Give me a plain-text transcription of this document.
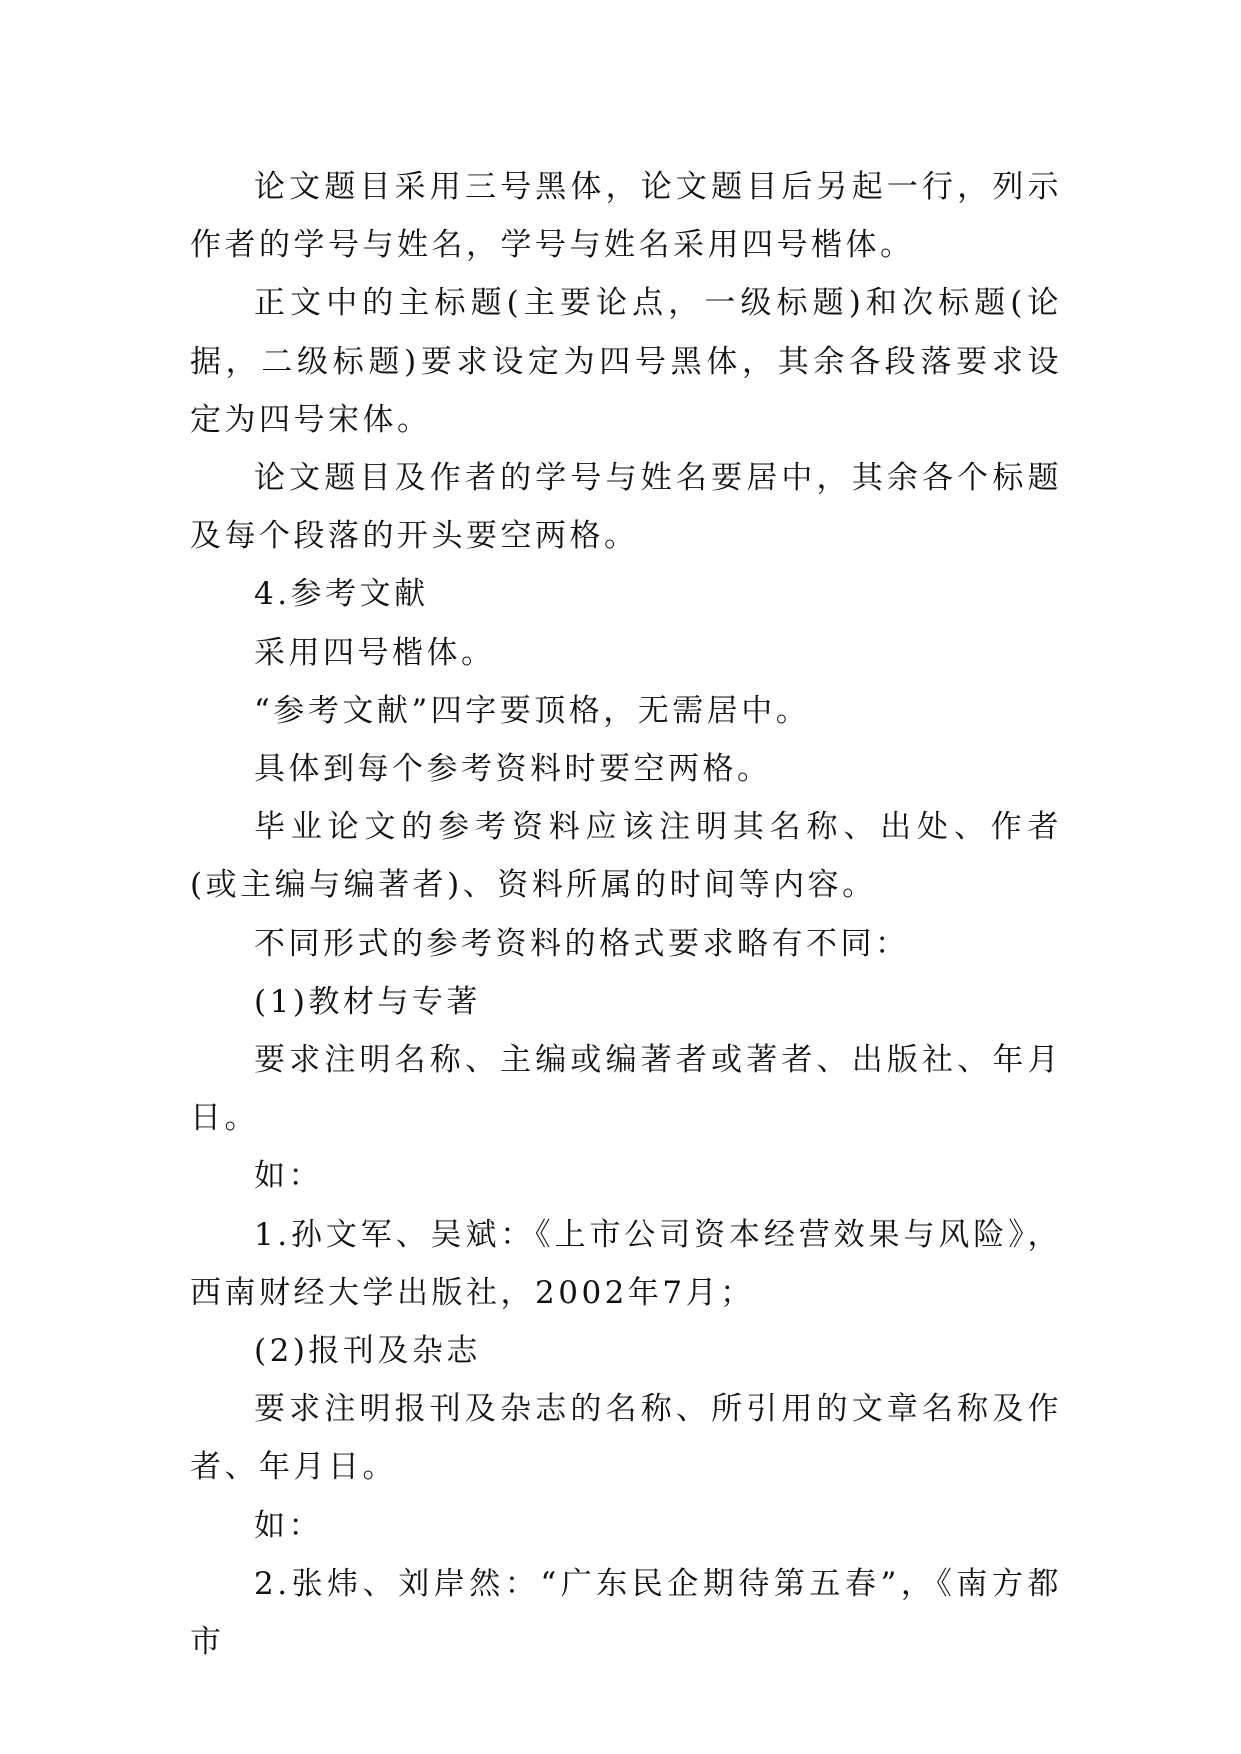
论文题目采用三号黑体，论文题目后另起一行，列示作者的学号与姓名，学号与姓名采用四号楷体。

正文中的主标题(主要论点，一级标题)和次标题(论据，二级标题)要求设定为四号黑体，其余各段落要求设定为四号宋体。

论文题目及作者的学号与姓名要居中，其余各个标题及每个段落的开头要空两格。

4.参考文献

采用四号楷体。

“参考文献”四字要顶格，无需居中。

具体到每个参考资料时要空两格。

毕业论文的参考资料应该注明其名称、出处、作者(或主编与编著者)、资料所属的时间等内容。

不同形式的参考资料的格式要求略有不同：

(1)教材与专著

要求注明名称、主编或编著者或著者、出版社、年月日。

如：

1.孙文军、吴斌：《上市公司资本经营效果与风险》，西南财经大学出版社，2002年7月；

(2)报刊及杂志

要求注明报刊及杂志的名称、所引用的文章名称及作者、年月日。

如：

2.张炜、刘岸然：“广东民企期待第五春”，《南方都市
